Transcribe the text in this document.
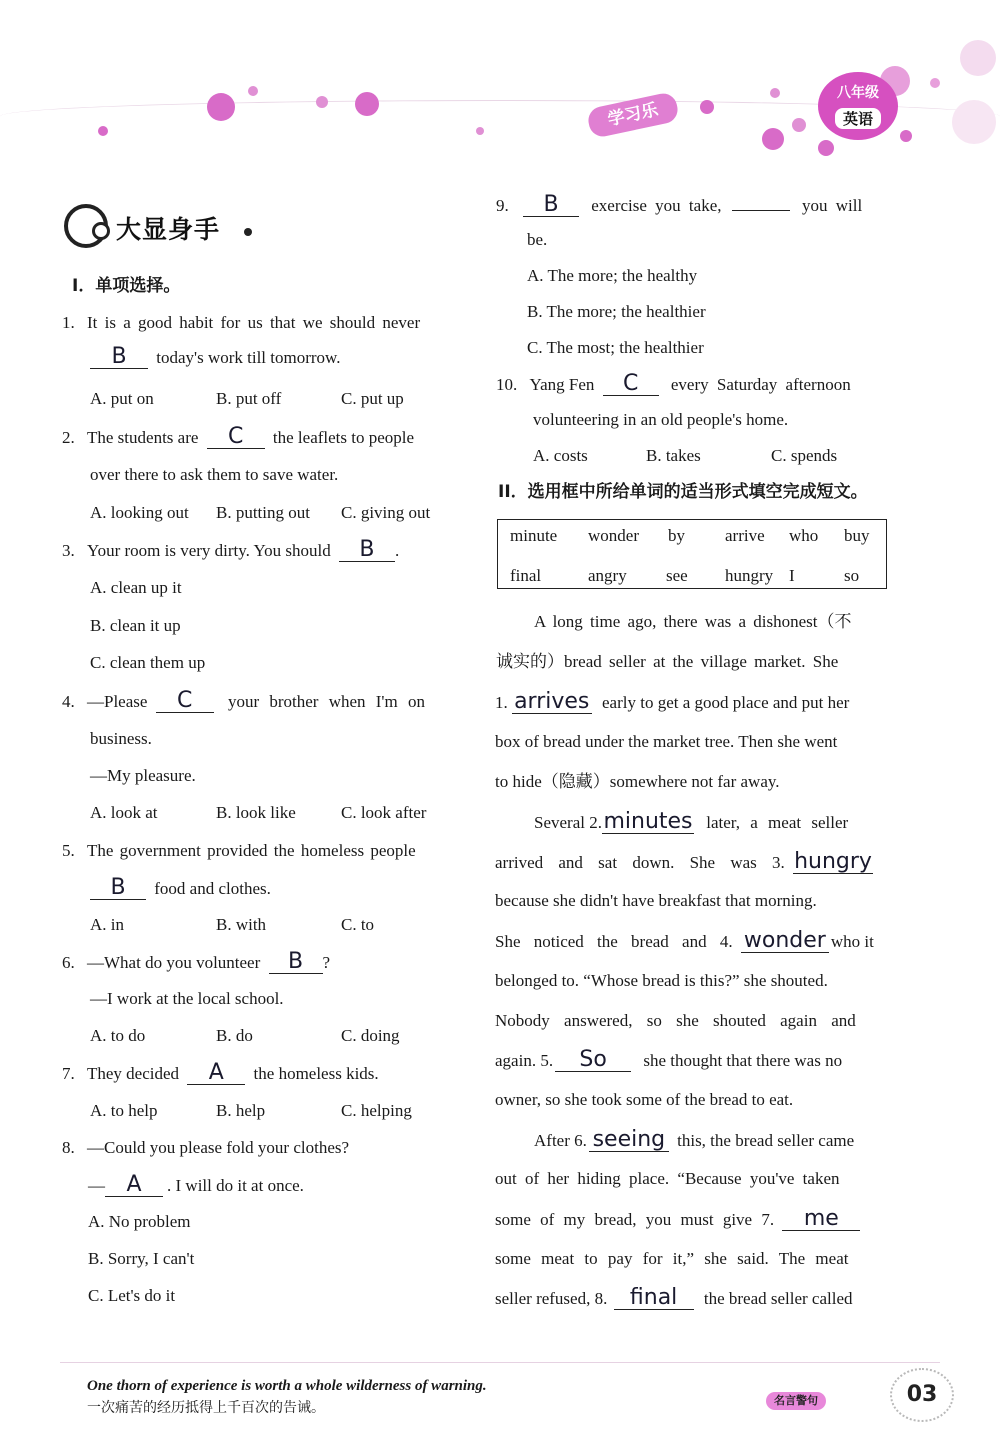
学习乐
八年级
英语
大显身手
I．单项选择。
1. It is a good habit for us that we should never
B today's work till tomorrow.
A. put on	B. put off	C. put up
2. The students are C the leaflets to people
over there to ask them to save water.
A. looking out B. putting out C. giving out
3. Your room is very dirty. You should B .
A. clean up it
B. clean it up
C. clean them up
4. —Please C your brother when I'm on
business.
—My pleasure.
A. look at	B. look like	C. look after
5. The government provided the homeless people
B food and clothes.
A. in	B. with	C. to
6. —What do you volunteer B ?
—I work at the local school.
A. to do	B. do	C. doing
7. They decided A the homeless kids.
A. to help	B. help	C. helping
8. —Could you please fold your clothes?
— A . I will do it at once.
A. No problem
B. Sorry, I can't
C. Let's do it
9. B exercise you take,	you will
be.
A. The more; the healthy
B. The more; the healthier
C. The most; the healthier
10. Yang Fen C every Saturday afternoon
volunteering in an old people's home.
A. costs	B. takes	C. spends
II．选用框中所给单词的适当形式填空完成短文。
minute wonder by arrive who buy
final	angry see hungry I	so
A long time ago, there was a dishonest（不
诚实的）bread seller at the village market. She
1. arrives early to get a good place and put her
box of bread under the market tree. Then she went
to hide（隐藏）somewhere not far away.
Several 2.minutes later, a meat seller
arrived and sat down. She was 3. hungry
because she didn't have breakfast that morning.
She noticed the bread and 4. wonder who it
belonged to. “Whose bread is this?” she shouted.
Nobody answered, so she shouted again and
again. 5. So she thought that there was no
owner, so she took some of the bread to eat.
After 6. seeing this, the bread seller came
out of her hiding place. “Because you've taken
some of my bread, you must give 7. me
some meat to pay for it,” she said. The meat
seller refused, 8. final the bread seller called
One thorn of experience is worth a whole wilderness of warning.
一次痛苦的经历抵得上千百次的告诫。
名言警句	03
